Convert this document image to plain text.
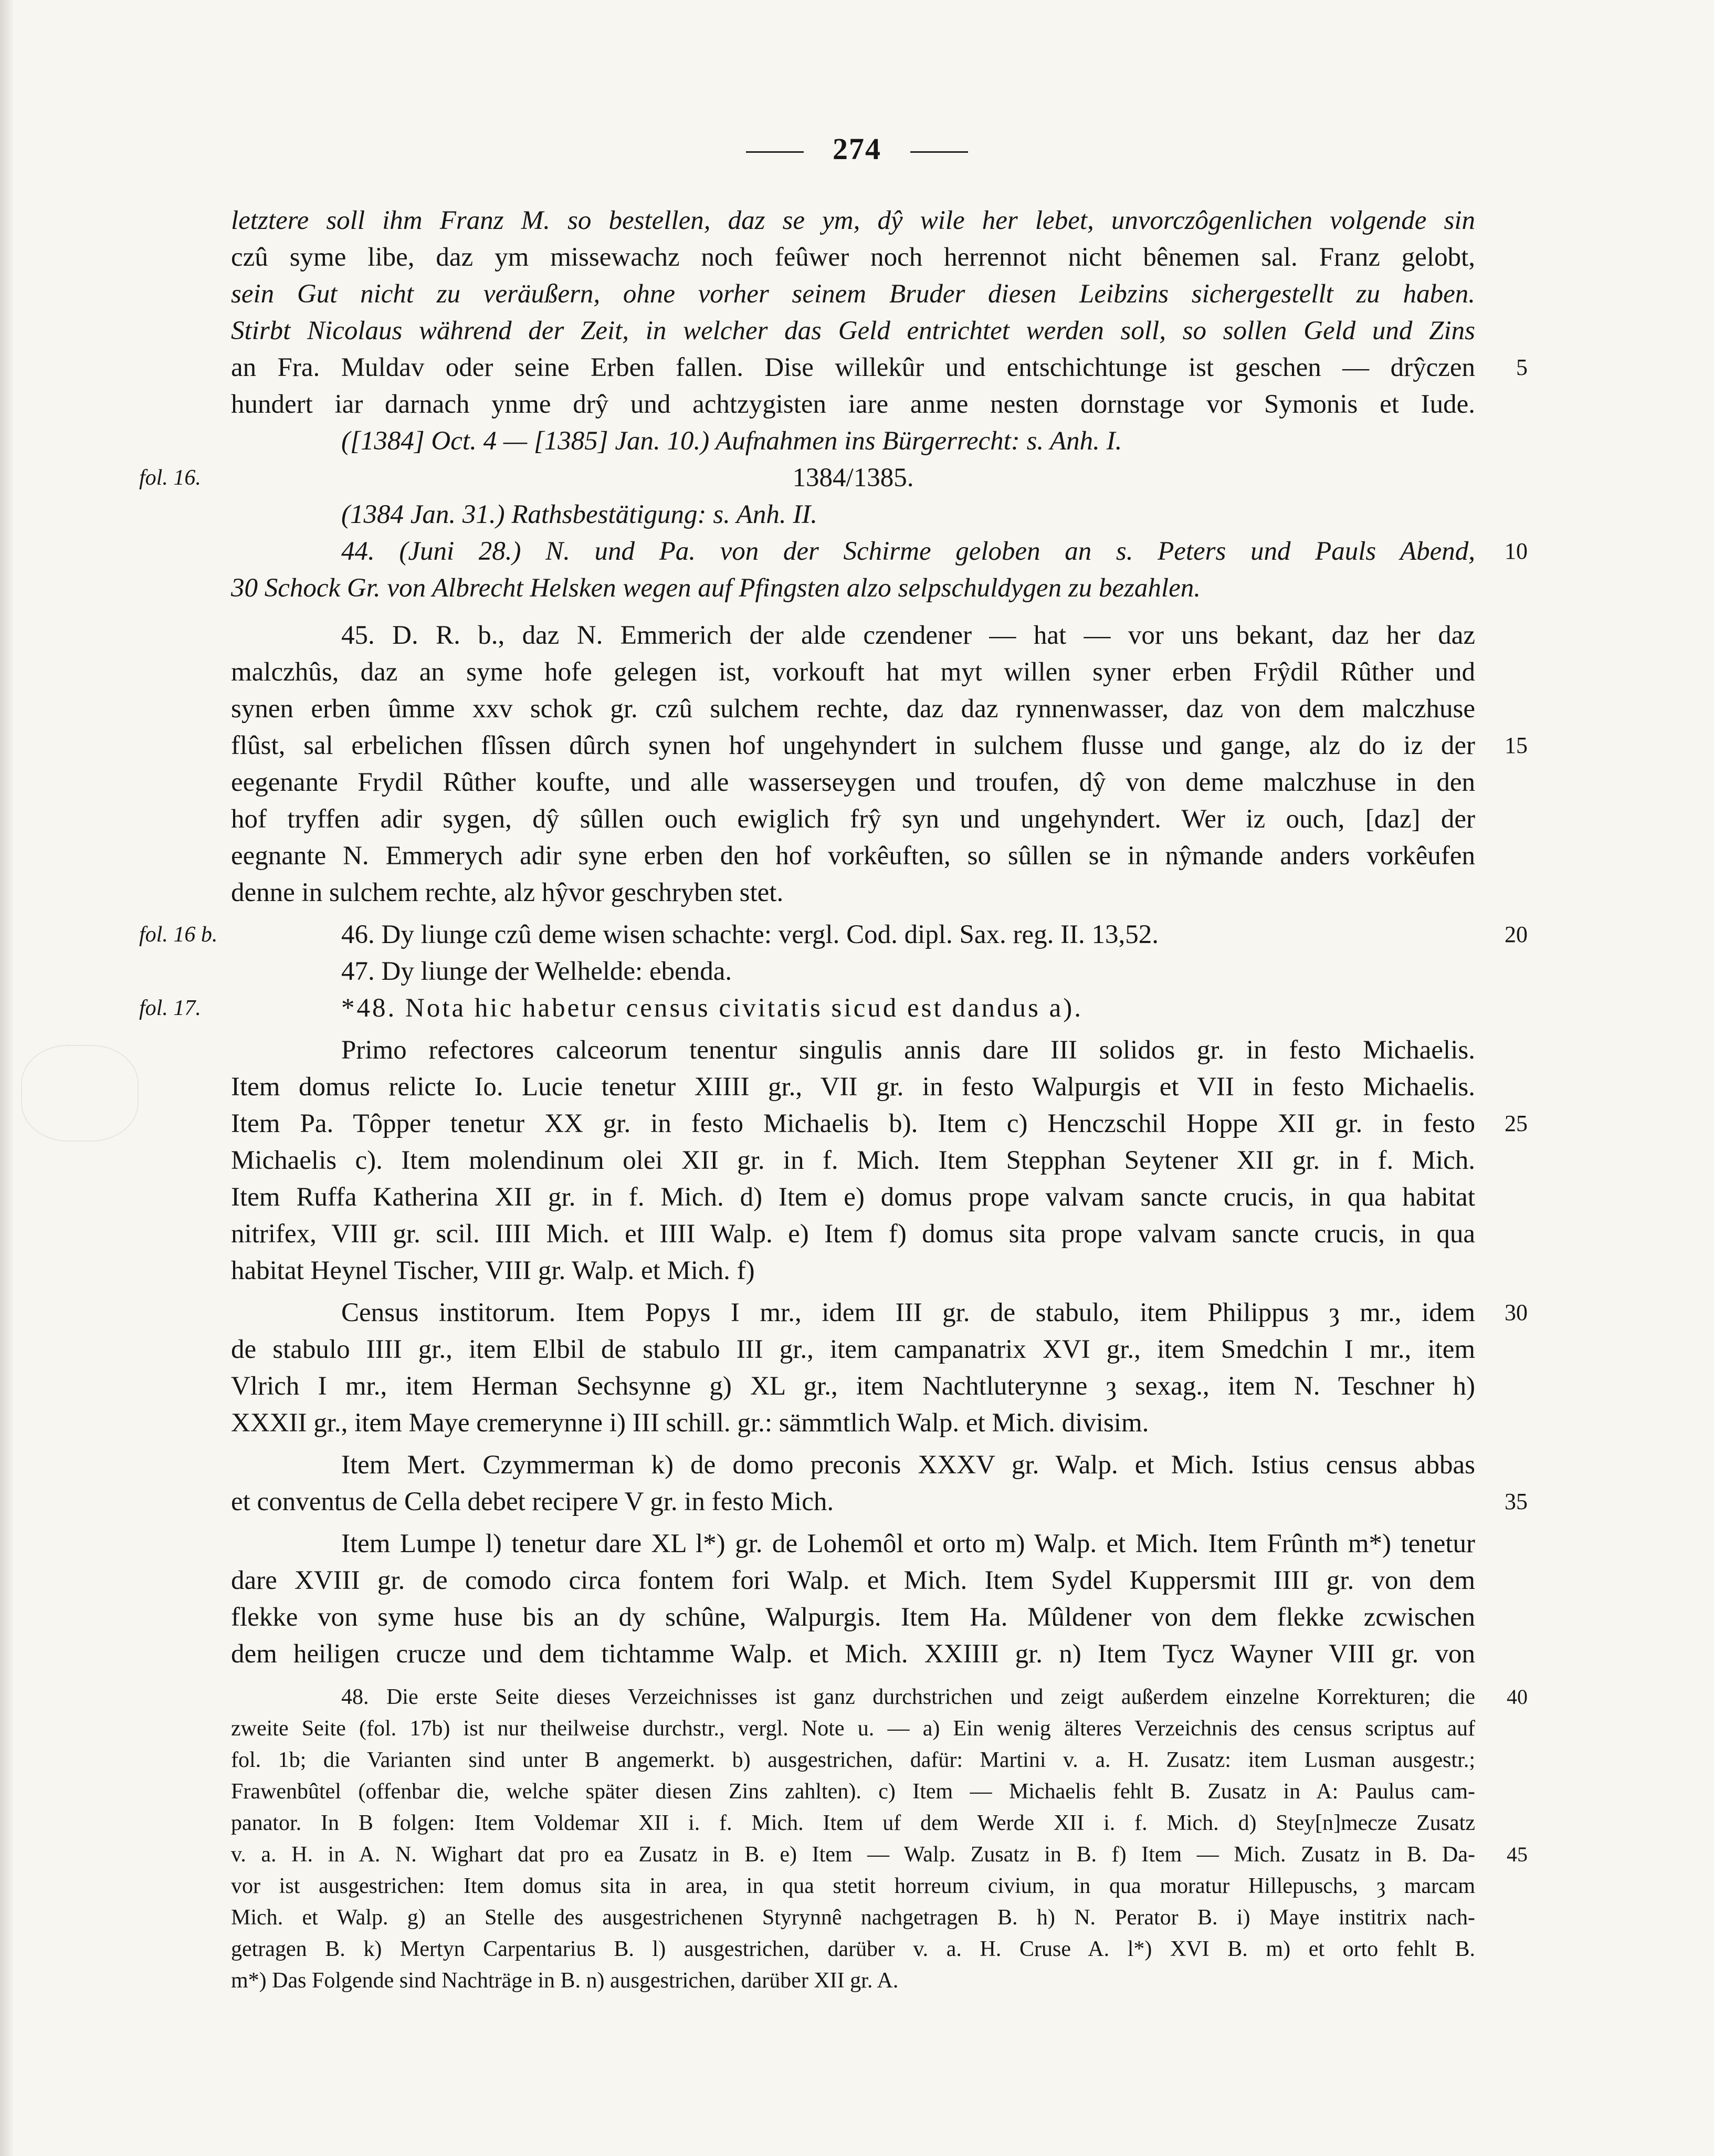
274
letztere soll ihm Franz M. so bestellen, daz se ym, dŷ wile her lebet, unvorczôgenlichen volgende sin
czû syme libe, daz ym missewachz noch feûwer noch herrennot nicht bênemen sal. Franz gelobt,
sein Gut nicht zu veräußern, ohne vorher seinem Bruder diesen Leibzins sichergestellt zu haben.
Stirbt Nicolaus während der Zeit, in welcher das Geld entrichtet werden soll, so sollen Geld und Zins
an Fra. Muldav oder seine Erben fallen. Dise willekûr und entschichtunge ist geschen — drŷczen	5
hundert iar darnach ynme drŷ und achtzygisten iare anme nesten dornstage vor Symonis et Iude.
([1384] Oct. 4 — [1385] Jan. 10.) Aufnahmen ins Bürgerrecht: s. Anh. I.
fol. 16.	1384/1385.
(1384 Jan. 31.) Rathsbestätigung: s. Anh. II.
44. (Juni 28.) N. und Pa. von der Schirme geloben an s. Peters und Pauls Abend,	10
30 Schock Gr. von Albrecht Helsken wegen auf Pfingsten alzo selpschuldygen zu bezahlen.
45. D. R. b., daz N. Emmerich der alde czendener — hat — vor uns bekant, daz her daz
malczhûs, daz an syme hofe gelegen ist, vorkouft hat myt willen syner erben Frŷdil Rûther und
synen erben ûmme xxv schok gr. czû sulchem rechte, daz daz rynnenwasser, daz von dem malczhuse
flûst, sal erbelichen flîssen dûrch synen hof ungehyndert in sulchem flusse und gange, alz do iz der	15
eegenante Frydil Rûther koufte, und alle wasserseygen und troufen, dŷ von deme malczhuse in den
hof tryffen adir sygen, dŷ sûllen ouch ewiglich frŷ syn und ungehyndert. Wer iz ouch, [daz] der
eegnante N. Emmerych adir syne erben den hof vorkêuften, so sûllen se in nŷmande anders vorkêufen
denne in sulchem rechte, alz hŷvor geschryben stet.
fol. 16 b.	46. Dy liunge czû deme wisen schachte: vergl. Cod. dipl. Sax. reg. II. 13,52.	20
47. Dy liunge der Welhelde: ebenda.
fol. 17.	*48. Nota hic habetur census civitatis sicud est dandus a).
Primo refectores calceorum tenentur singulis annis dare III solidos gr. in festo Michaelis.
Item domus relicte Io. Lucie tenetur XIIII gr., VII gr. in festo Walpurgis et VII in festo Michaelis.
Item Pa. Tôpper tenetur XX gr. in festo Michaelis b). Item c) Henczschil Hoppe XII gr. in festo	25
Michaelis c). Item molendinum olei XII gr. in f. Mich. Item Stepphan Seytener XII gr. in f. Mich.
Item Ruffa Katherina XII gr. in f. Mich. d) Item e) domus prope valvam sancte crucis, in qua habitat
nitrifex, VIII gr. scil. IIII Mich. et IIII Walp. e) Item f) domus sita prope valvam sancte crucis, in qua
habitat Heynel Tischer, VIII gr. Walp. et Mich. f)
Census institorum. Item Popys I mr., idem III gr. de stabulo, item Philippus ȝ mr., idem	30
de stabulo IIII gr., item Elbil de stabulo III gr., item campanatrix XVI gr., item Smedchin I mr., item
Vlrich I mr., item Herman Sechsynne g) XL gr., item Nachtluterynne ȝ sexag., item N. Teschner h)
XXXII gr., item Maye cremerynne i) III schill. gr.: sämmtlich Walp. et Mich. divisim.
Item Mert. Czymmerman k) de domo preconis XXXV gr. Walp. et Mich. Istius census abbas
et conventus de Cella debet recipere V gr. in festo Mich.	35
Item Lumpe l) tenetur dare XL l*) gr. de Lohemôl et orto m) Walp. et Mich. Item Frûnth m*) tenetur
dare XVIII gr. de comodo circa fontem fori Walp. et Mich. Item Sydel Kuppersmit IIII gr. von dem
flekke von syme huse bis an dy schûne, Walpurgis. Item Ha. Mûldener von dem flekke zcwischen
dem heiligen crucze und dem tichtamme Walp. et Mich. XXIIII gr. n) Item Tycz Wayner VIII gr. von
48. Die erste Seite dieses Verzeichnisses ist ganz durchstrichen und zeigt außerdem einzelne Korrekturen; die	40
zweite Seite (fol. 17b) ist nur theilweise durchstr., vergl. Note u. — a) Ein wenig älteres Verzeichnis des census scriptus auf
fol. 1b; die Varianten sind unter B angemerkt. b) ausgestrichen, dafür: Martini v. a. H. Zusatz: item Lusman ausgestr.;
Frawenbûtel (offenbar die, welche später diesen Zins zahlten). c) Item — Michaelis fehlt B. Zusatz in A: Paulus cam-
panator. In B folgen: Item Voldemar XII i. f. Mich. Item uf dem Werde XII i. f. Mich. d) Stey[n]mecze Zusatz
v. a. H. in A. N. Wighart dat pro ea Zusatz in B. e) Item — Walp. Zusatz in B. f) Item — Mich. Zusatz in B. Da-	45
vor ist ausgestrichen: Item domus sita in area, in qua stetit horreum civium, in qua moratur Hillepuschs, ȝ marcam
Mich. et Walp. g) an Stelle des ausgestrichenen Styrynnê nachgetragen B. h) N. Perator B. i) Maye institrix nach-
getragen B. k) Mertyn Carpentarius B. l) ausgestrichen, darüber v. a. H. Cruse A. l*) XVI B. m) et orto fehlt B.
m*) Das Folgende sind Nachträge in B. n) ausgestrichen, darüber XII gr. A.
